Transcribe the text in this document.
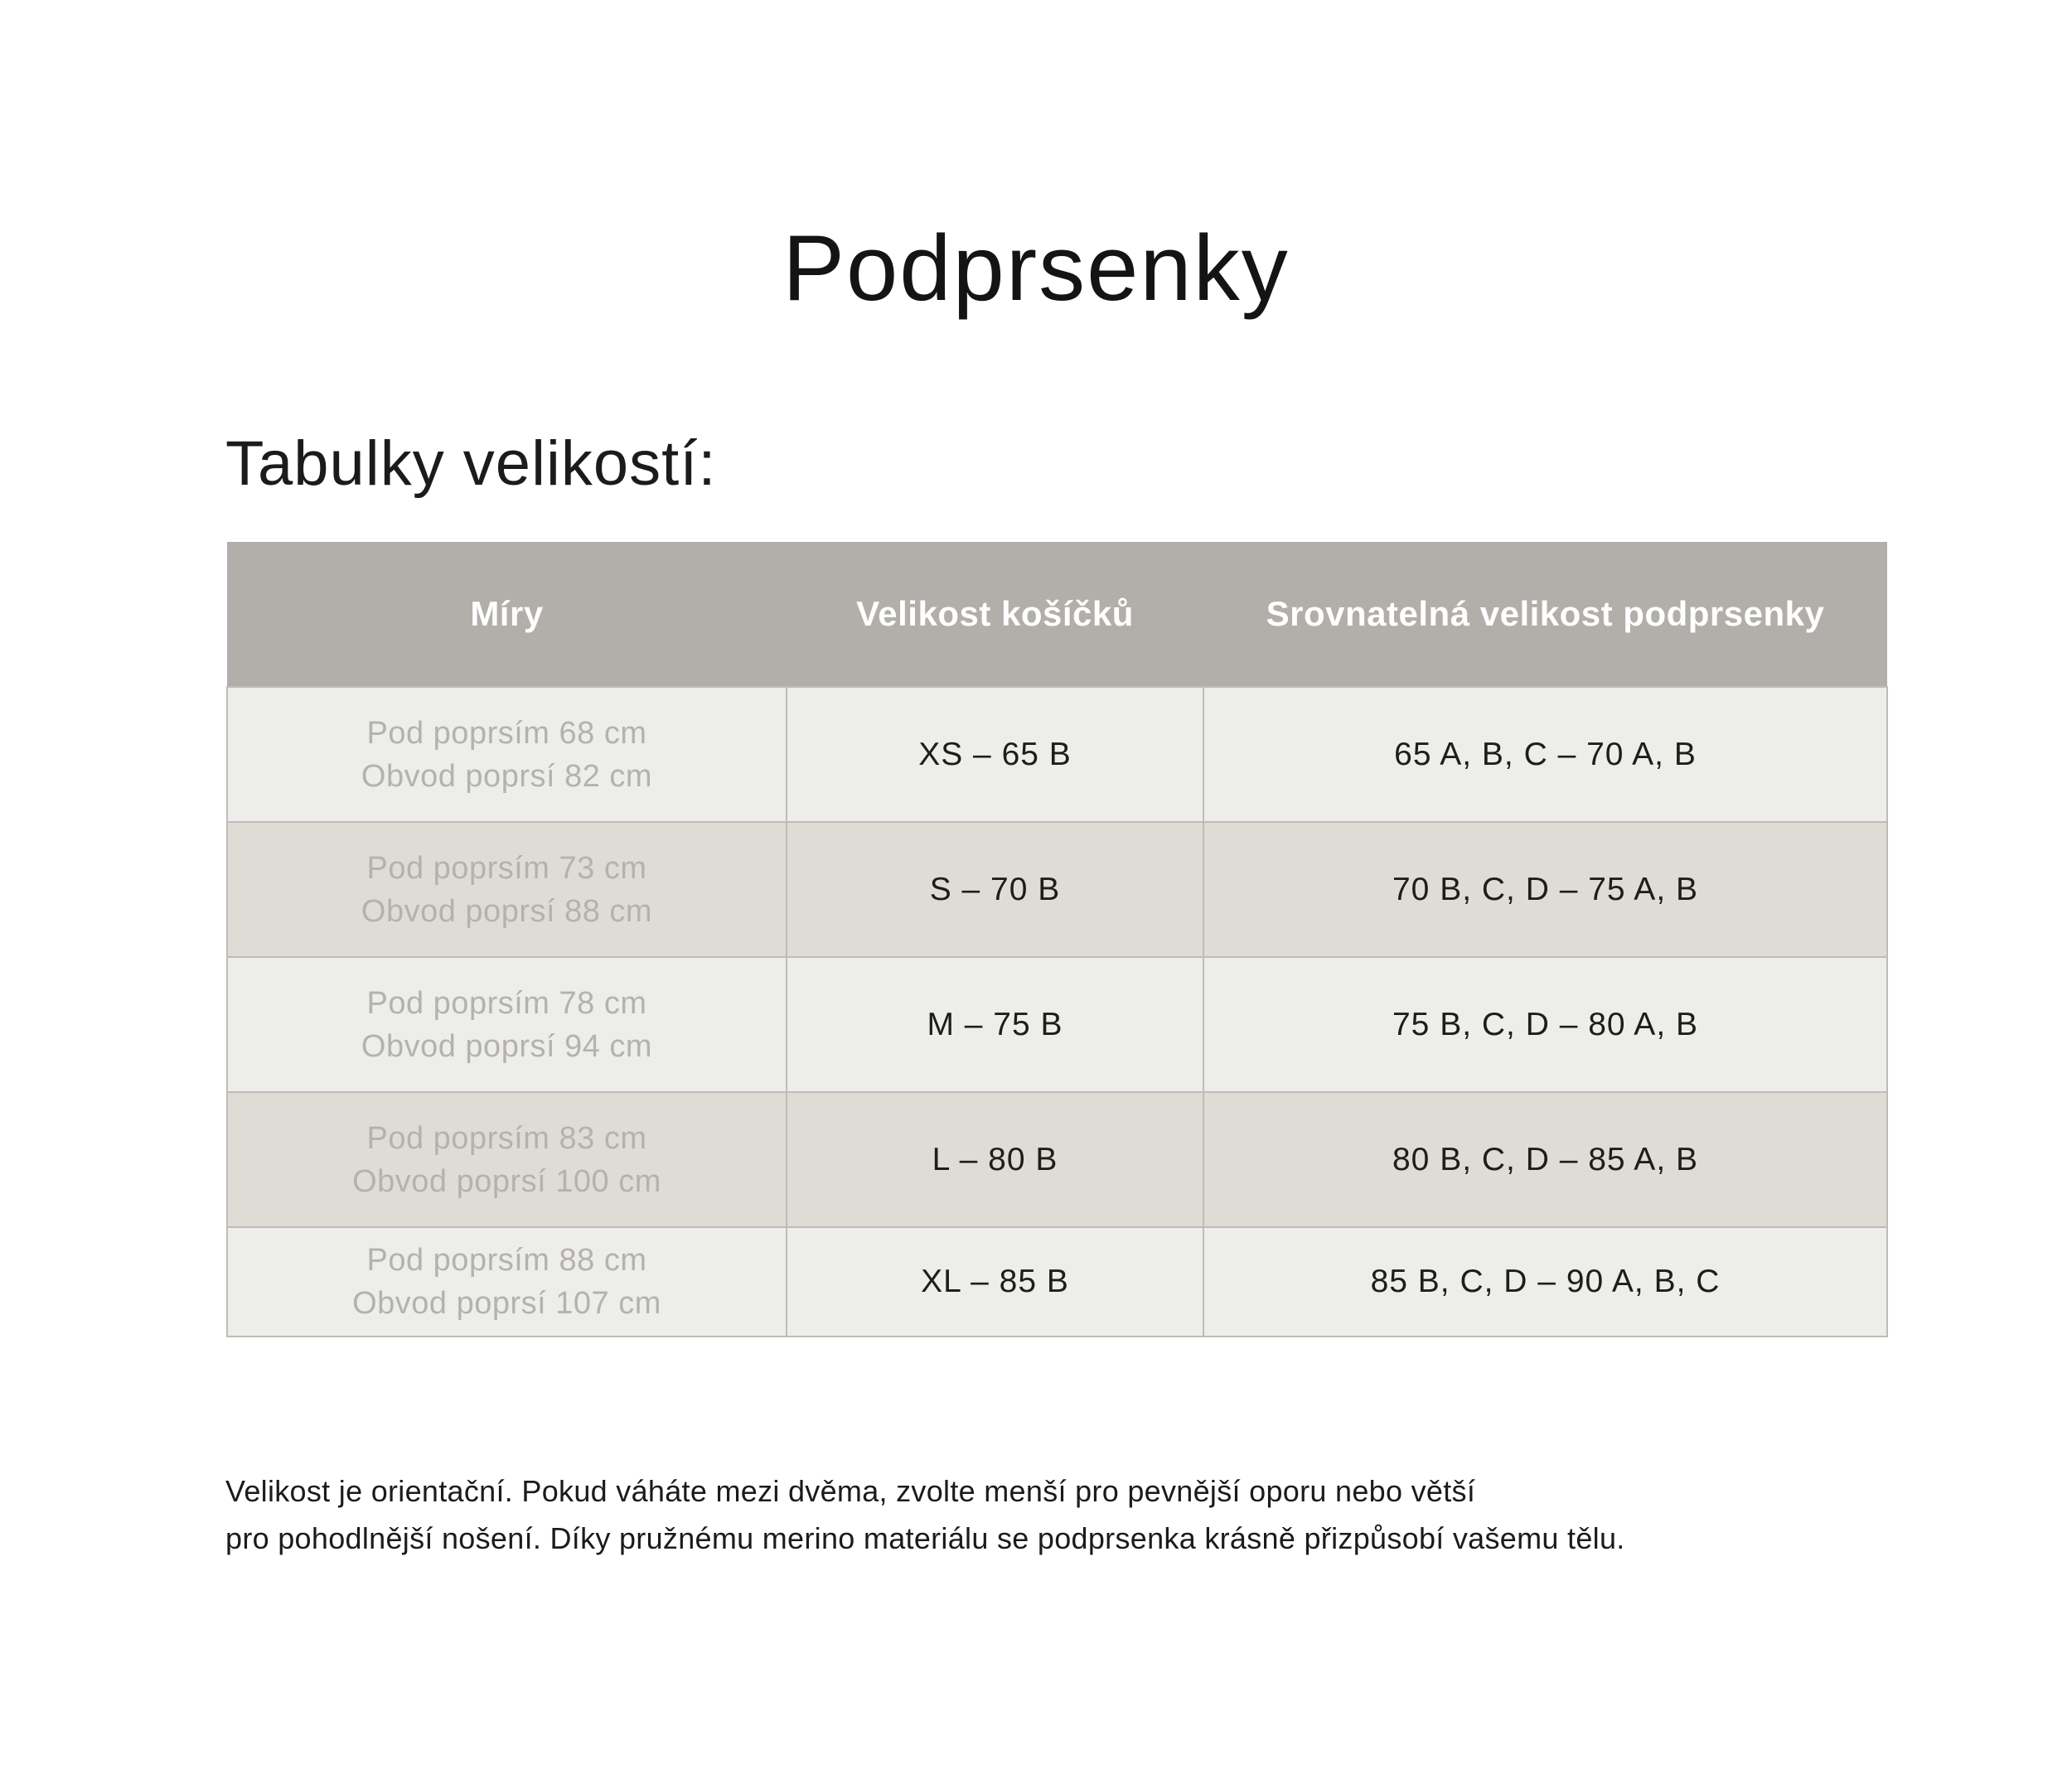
Podprsenky
Tabulky velikostí:
Míry	Velikost košíčků	Srovnatelná velikost podprsenky

Pod poprsím 68 cm
Obvod poprsí 82 cm	XS – 65 B	65 A, B, C – 70 A, B

Pod poprsím 73 cm
Obvod poprsí 88 cm	S – 70 B	70 B, C, D – 75 A, B

Pod poprsím 78 cm
Obvod poprsí 94 cm	M – 75 B	75 B, C, D – 80 A, B

Pod poprsím 83 cm
Obvod poprsí 100 cm	L – 80 B	80 B, C, D – 85 A, B

Pod poprsím 88 cm
Obvod poprsí 107 cm	XL – 85 B	85 B, C, D – 90 A, B, C

Velikost je orientační. Pokud váháte mezi dvěma, zvolte menší pro pevnější oporu nebo větší
pro pohodlnější nošení. Díky pružnému merino materiálu se podprsenka krásně přizpůsobí vašemu tělu.
